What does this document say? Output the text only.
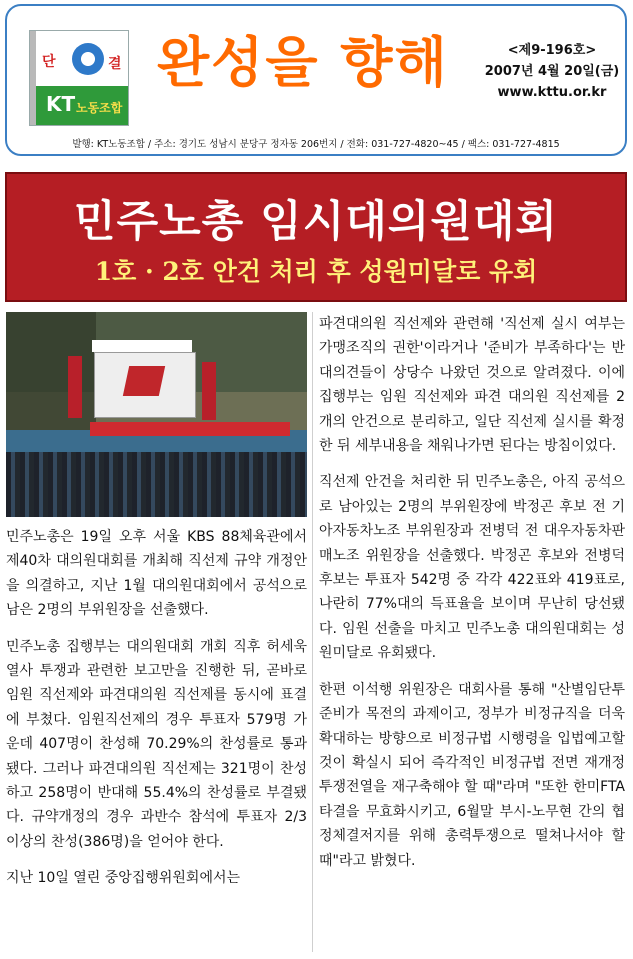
단	결
KT 노동조합
완성을 향해	<제9-196호>
2007년 4월 20일(금)
www.kttu.or.kr
발행: KT노동조합 / 주소: 경기도 성남시 분당구 정자동 206번지 / 전화: 031-727-4820~45 / 팩스: 031-727-4815
민주노총 임시대의원대회
1호 · 2호 안건 처리 후 성원미달로 유회

민주노총은 19일 오후 서울 KBS 88체육관에서 제40차 대의원대회를 개최해 직선제 규약 개정안을 의결하고, 지난 1월 대의원대회에서 공석으로 남은 2명의 부위원장을 선출했다.

민주노총 집행부는 대의원대회 개회 직후 허세욱 열사 투쟁과 관련한 보고만을 진행한 뒤, 곧바로 임원 직선제와 파견대의원 직선제를 동시에 표결에 부쳤다. 임원직선제의 경우 투표자 579명 가운데 407명이 찬성해 70.29%의 찬성률로 통과됐다. 그러나 파견대의원 직선제는 321명이 찬성하고 258명이 반대해 55.4%의 찬성률로 부결됐다. 규약개정의 경우 과반수 참석에 투표자 2/3 이상의 찬성(386명)을 얻어야 한다.

지난 10일 열린 중앙집행위원회에서는

파견대의원 직선제와 관련해 '직선제 실시 여부는 가맹조직의 권한'이라거나 '준비가 부족하다'는 반대의견들이 상당수 나왔던 것으로 알려졌다. 이에 집행부는 임원 직선제와 파견 대의원 직선제를 2개의 안건으로 분리하고, 일단 직선제 실시를 확정한 뒤 세부내용을 채워나가면 된다는 방침이었다.

직선제 안건을 처리한 뒤 민주노총은, 아직 공석으로 남아있는 2명의 부위원장에 박정곤 후보 전 기아자동차노조 부위원장과 전병덕 전 대우자동차판매노조 위원장을 선출했다. 박정곤 후보와 전병덕 후보는 투표자 542명 중 각각 422표와 419표로, 나란히 77%대의 득표율을 보이며 무난히 당선됐다. 임원 선출을 마치고 민주노총 대의원대회는 성원미달로 유회됐다.

한편 이석행 위원장은 대회사를 통해 "산별임단투 준비가 목전의 과제이고, 정부가 비정규직을 더욱 확대하는 방향으로 비정규법 시행령을 입법예고할 것이 확실시 되어 즉각적인 비정규법 전면 재개정 투쟁전열을 재구축해야 할 때"라며 "또한 한미FTA타결을 무효화시키고, 6월말 부시-노무현 간의 협정체결저지를 위해 총력투쟁으로 떨쳐나서야 할 때"라고 밝혔다.
